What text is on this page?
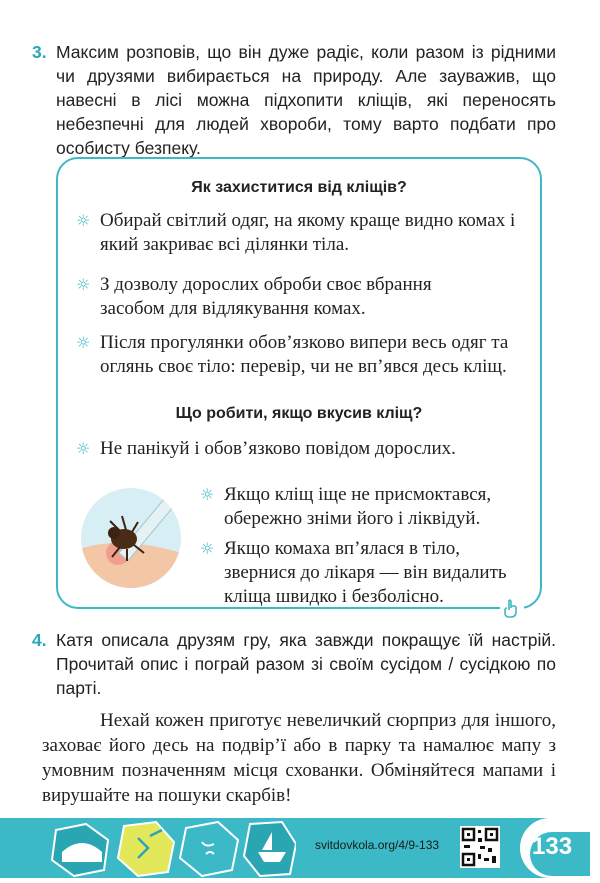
3. Максим розповів, що він дуже радіє, коли разом із рідними чи друзями вибирається на природу. Але зауважив, що навесні в лісі можна підхопити кліщів, які переносять небезпечні для людей хвороби, тому варто подбати про особисту безпеку.

Як захиститися від кліщів?
☼ Обирай світлий одяг, на якому краще видно комах і який закриває всі ділянки тіла.
☼ З дозволу дорослих оброби своє вбрання засобом для відлякування комах.
☼ Після прогулянки обов’язково випери весь одяг та оглянь своє тіло: перевір, чи не вп’явся десь кліщ.
Що робити, якщо вкусив кліщ?
☼ Не панікуй і обов’язково повідом дорослих.
☼ Якщо кліщ іще не присмоктався, обережно зніми його і ліквідуй.
☼ Якщо комаха вп’ялася в тіло, звернися до лікаря — він видалить кліща швидко і безболісно.
4. Катя описала друзям гру, яка завжди покращує їй настрій. Прочитай опис і пограй разом зі своїм сусідом / сусідкою по парті.

Нехай кожен приготує невеличкий сюрприз для іншого, заховає його десь на подвір’ї або в парку та намалює мапу з умовним позначенням місця схованки. Обміняйтеся мапами і вирушайте на пошуки скарбів!

svitdovkola.org/4/9-133	133
